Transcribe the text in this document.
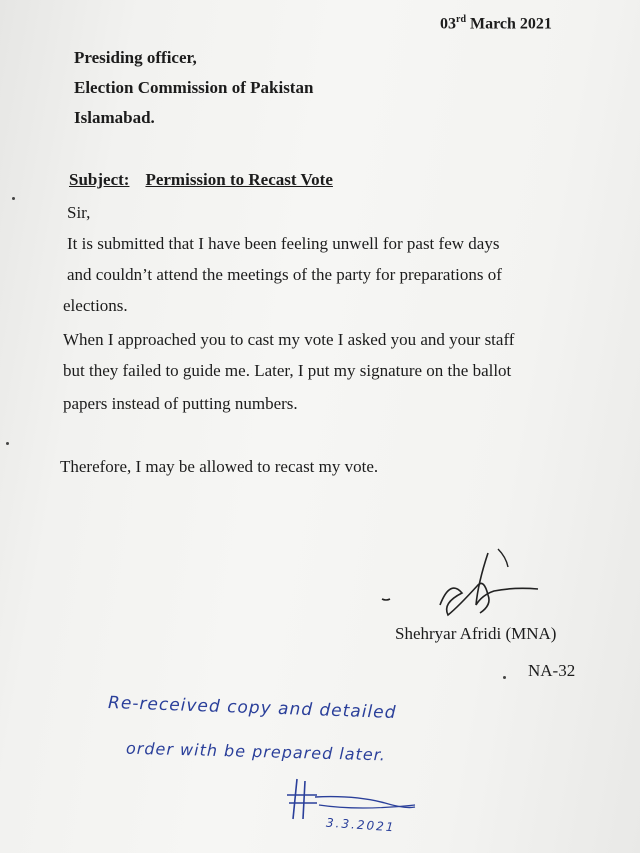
03rd March 2021
Presiding officer,
Election Commission of Pakistan
Islamabad.
Subject: Permission to Recast Vote
Sir,
It is submitted that I have been feeling unwell for past few days
and couldn’t attend the meetings of the party for preparations of
elections.
When I approached you to cast my vote I asked you and your staff
but they failed to guide me. Later, I put my signature on the ballot
papers instead of putting numbers.
Therefore, I may be allowed to recast my vote.
Shehryar Afridi (MNA)
NA-32
Re-received copy and detailed
order with be prepared later.
3.3.2021
